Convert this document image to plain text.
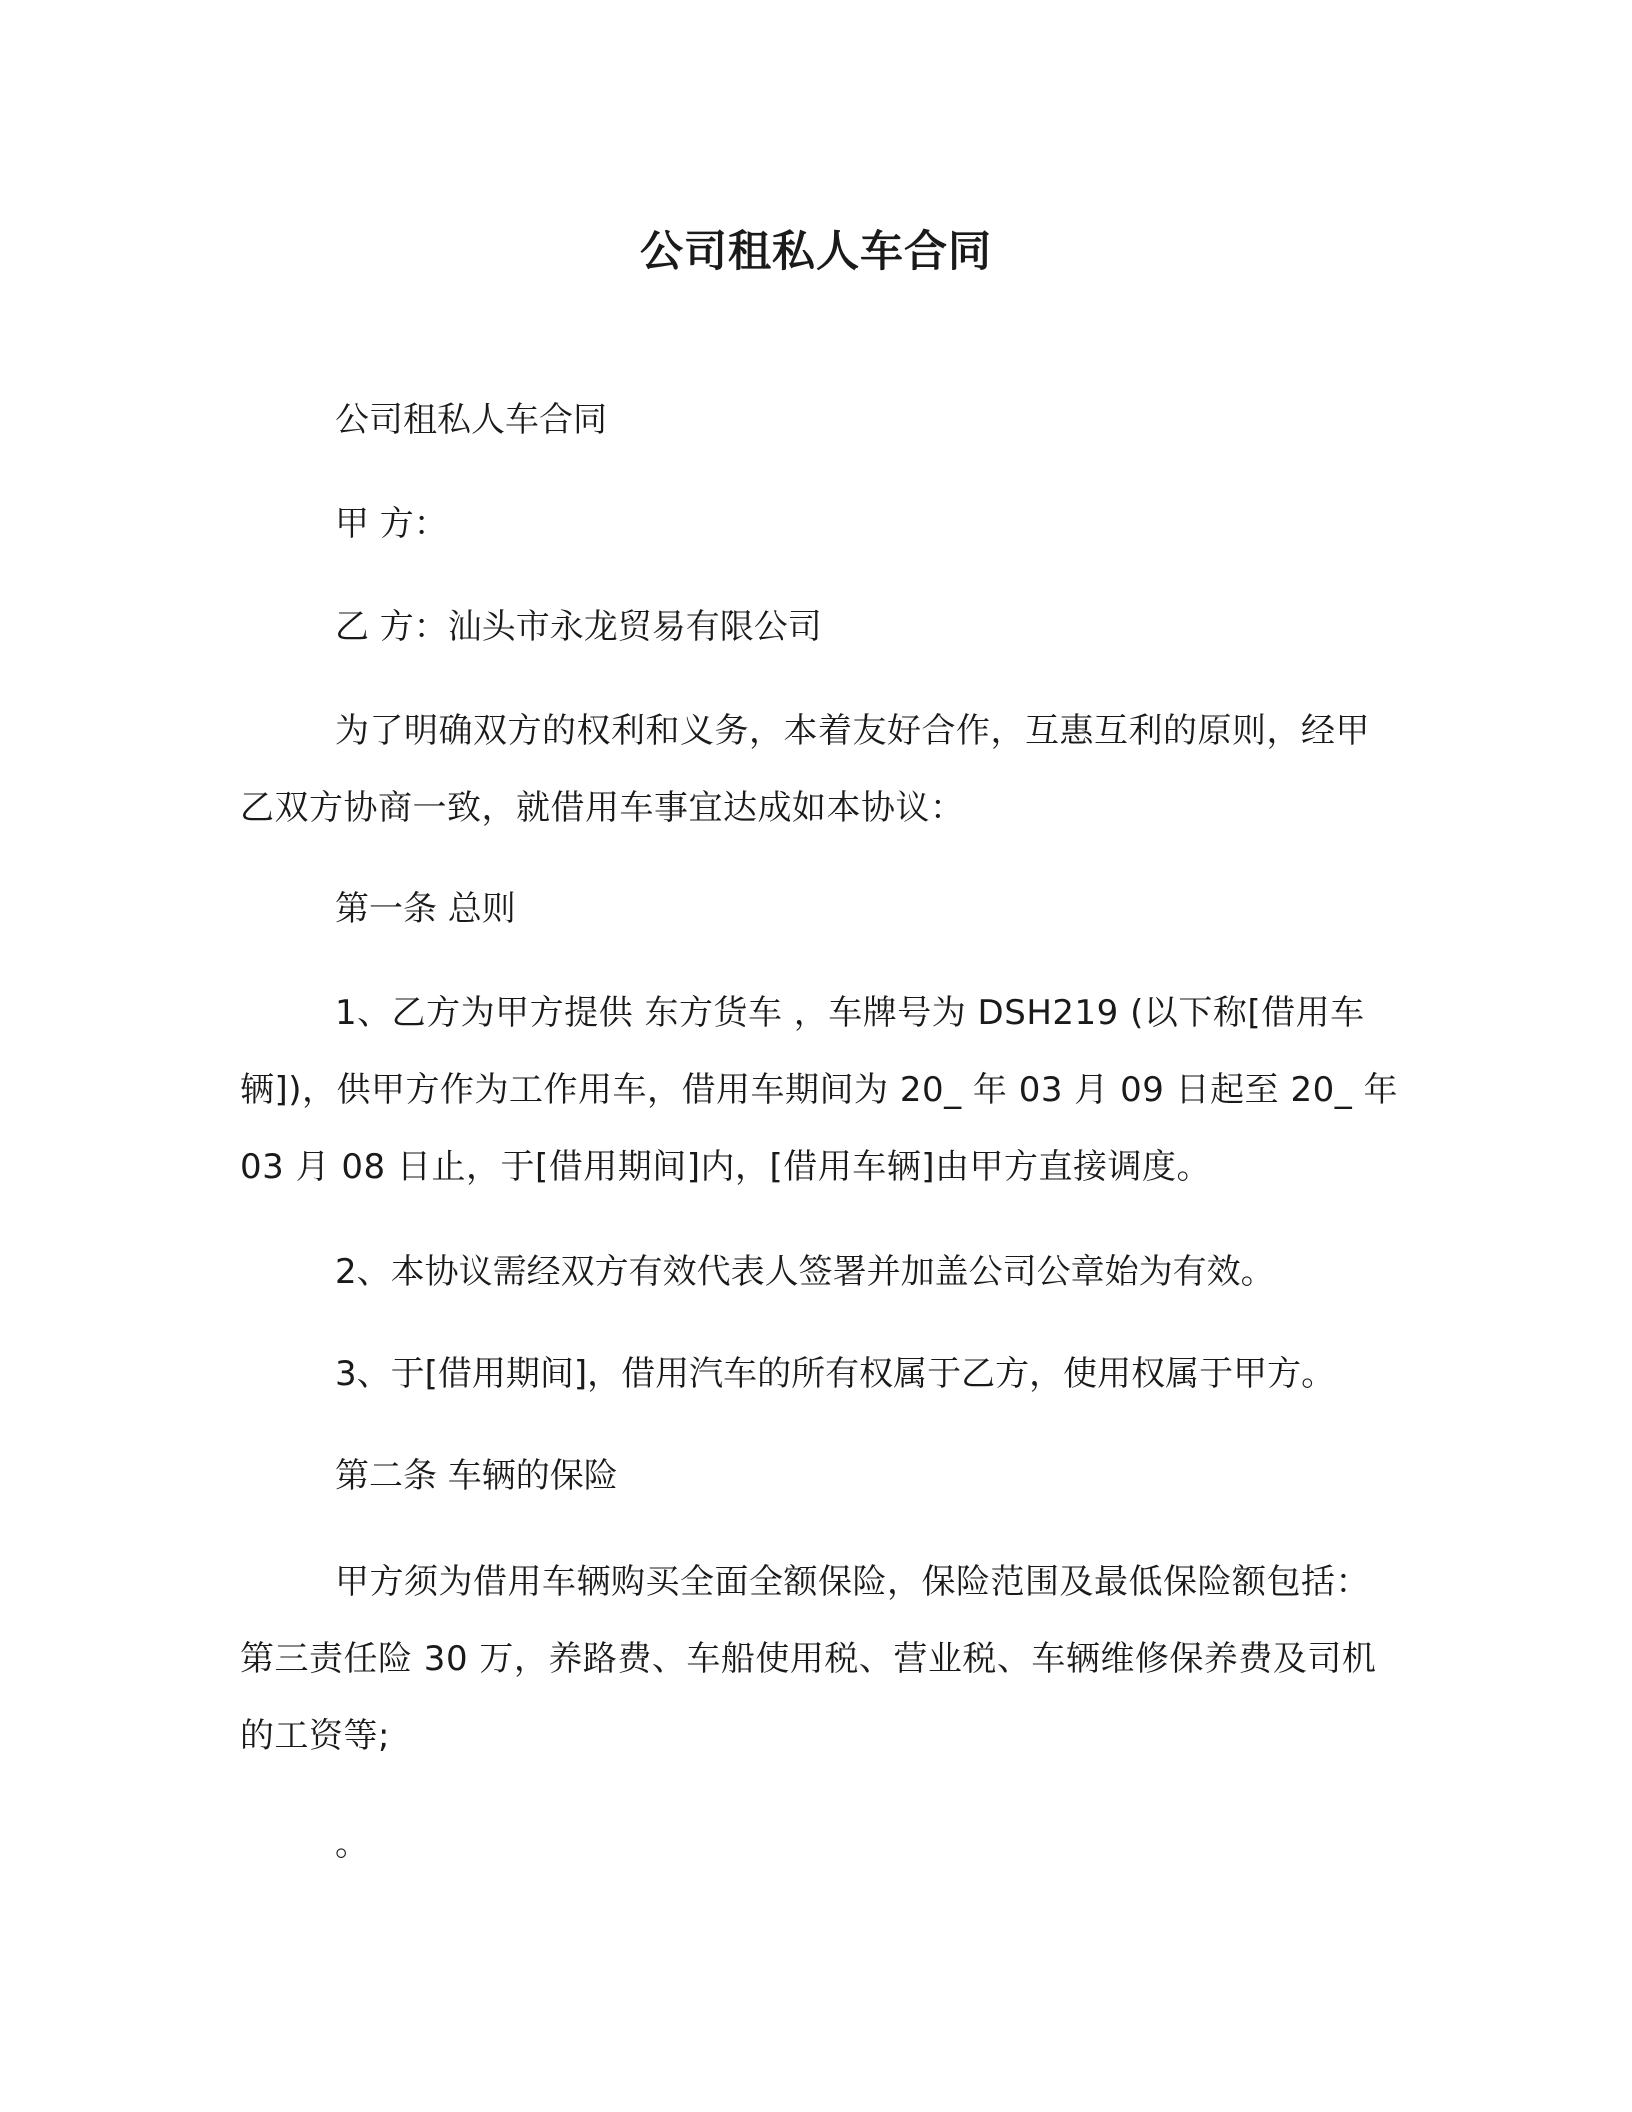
公司租私人车合同

公司租私人车合同

甲 方：

乙 方：汕头市永龙贸易有限公司

为了明确双方的权利和义务，本着友好合作，互惠互利的原则，经甲乙双方协商一致，就借用车事宜达成如本协议：

第一条 总则

1、乙方为甲方提供 东方货车 ，车牌号为 DSH219 (以下称[借用车辆])，供甲方作为工作用车，借用车期间为 20_ 年 03 月 09 日起至 20_ 年 03 月 08 日止，于[借用期间]内，[借用车辆]由甲方直接调度。

2、本协议需经双方有效代表人签署并加盖公司公章始为有效。

3、于[借用期间]，借用汽车的所有权属于乙方，使用权属于甲方。

第二条 车辆的保险

甲方须为借用车辆购买全面全额保险，保险范围及最低保险额包括：第三责任险 30 万，养路费、车船使用税、营业税、车辆维修保养费及司机的工资等;

。
